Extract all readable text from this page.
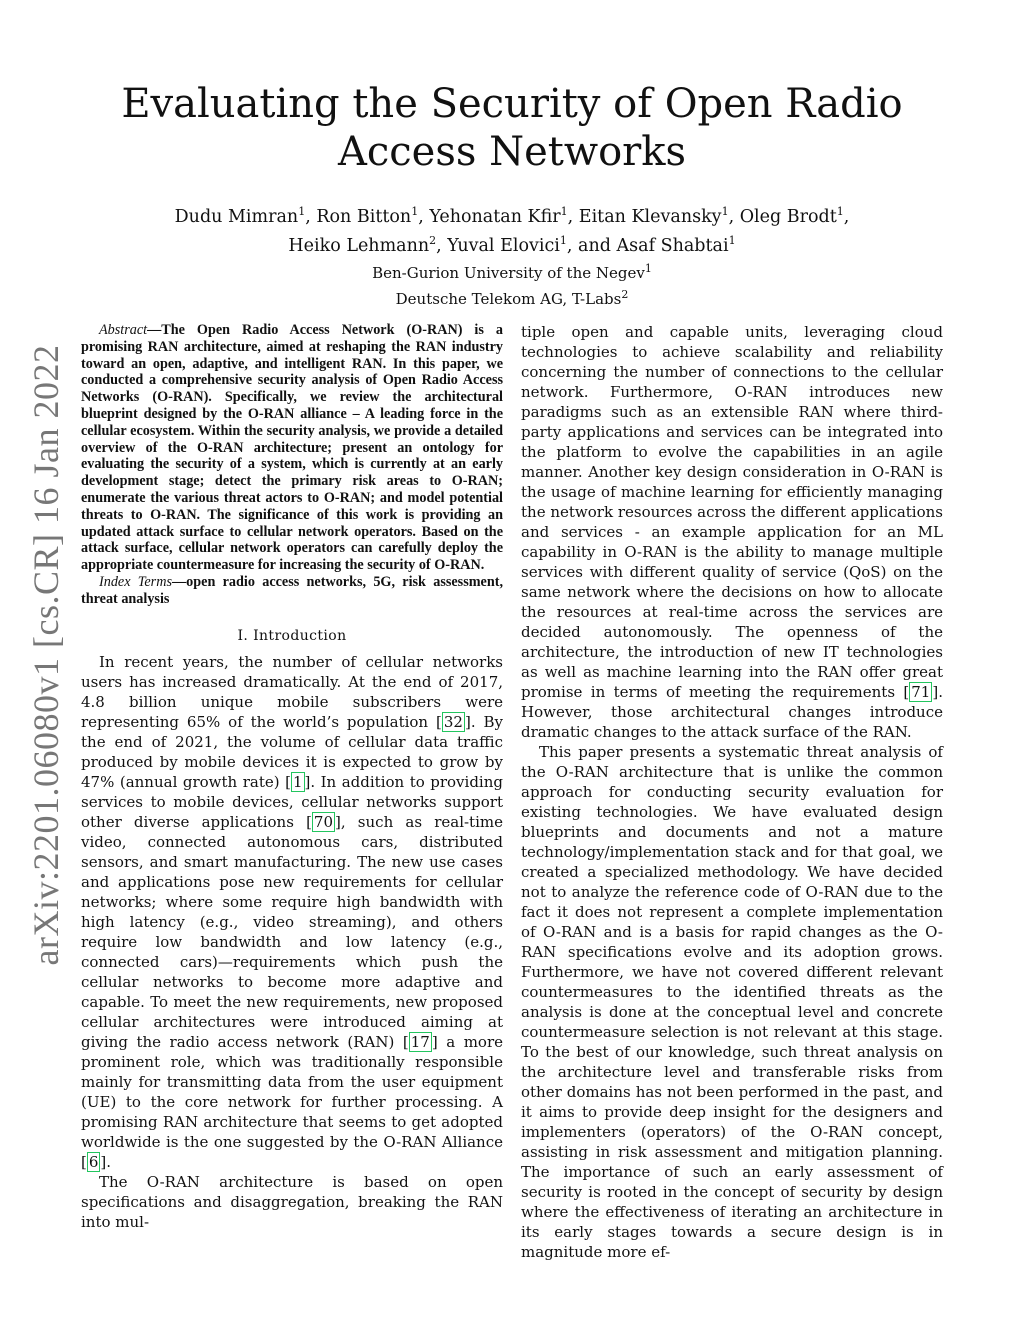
arXiv:2201.06080v1 [cs.CR] 16 Jan 2022
Evaluating the Security of Open Radio Access Networks
Dudu Mimran$^1$, Ron Bitton$^1$, Yehonatan Kfir$^1$, Eitan Klevansky$^1$, Oleg Brodt$^1$,
Heiko Lehmann$^2$, Yuval Elovici$^1$, and Asaf Shabtai$^1$
Ben-Gurion University of the Negev$^1$
Deutsche Telekom AG, T-Labs$^2$

Abstract—The Open Radio Access Network (O-RAN) is a promising RAN architecture, aimed at reshaping the RAN industry toward an open, adaptive, and intelligent RAN. In this paper, we conducted a comprehensive security analysis of Open Radio Access Networks (O-RAN). Specifically, we review the architectural blueprint designed by the O-RAN alliance – A leading force in the cellular ecosystem. Within the security analysis, we provide a detailed overview of the O-RAN architecture; present an ontology for evaluating the security of a system, which is currently at an early development stage; detect the primary risk areas to O-RAN; enumerate the various threat actors to O-RAN; and model potential threats to O-RAN. The significance of this work is providing an updated attack surface to cellular network operators. Based on the attack surface, cellular network operators can carefully deploy the appropriate countermeasure for increasing the security of O-RAN.

Index Terms—open radio access networks, 5G, risk assessment, threat analysis

I. Introduction

In recent years, the number of cellular networks users has increased dramatically. At the end of 2017, 4.8 billion unique mobile subscribers were representing 65% of the world’s population [ 32 ]. By the end of 2021, the volume of cellular data traffic produced by mobile devices it is expected to grow by 47% (annual growth rate) [ 1 ]. In addition to providing services to mobile devices, cellular networks support other diverse applications [ 70 ], such as real-time video, connected autonomous cars, distributed sensors, and smart manufacturing. The new use cases and applications pose new requirements for cellular networks; where some require high bandwidth with high latency (e.g., video streaming), and others require low bandwidth and low latency (e.g., connected cars)—requirements which push the cellular networks to become more adaptive and capable. To meet the new requirements, new proposed cellular architectures were introduced aiming at giving the radio access network (RAN) [ 17 ] a more prominent role, which was traditionally responsible mainly for transmitting data from the user equipment (UE) to the core network for further processing. A promising RAN architecture that seems to get adopted worldwide is the one suggested by the O-RAN Alliance [ 6 ].

The O-RAN architecture is based on open specifications and disaggregation, breaking the RAN into mul-

tiple open and capable units, leveraging cloud technologies to achieve scalability and reliability concerning the number of connections to the cellular network. Furthermore, O-RAN introduces new paradigms such as an extensible RAN where third-party applications and services can be integrated into the platform to evolve the capabilities in an agile manner. Another key design consideration in O-RAN is the usage of machine learning for efficiently managing the network resources across the different applications and services - an example application for an ML capability in O-RAN is the ability to manage multiple services with different quality of service (QoS) on the same network where the decisions on how to allocate the resources at real-time across the services are decided autonomously. The openness of the architecture, the introduction of new IT technologies as well as machine learning into the RAN offer great promise in terms of meeting the requirements [ 71 ]. However, those architectural changes introduce dramatic changes to the attack surface of the RAN.

This paper presents a systematic threat analysis of the O-RAN architecture that is unlike the common approach for conducting security evaluation for existing technologies. We have evaluated design blueprints and documents and not a mature technology/implementation stack and for that goal, we created a specialized methodology. We have decided not to analyze the reference code of O-RAN due to the fact it does not represent a complete implementation of O-RAN and is a basis for rapid changes as the O-RAN specifications evolve and its adoption grows. Furthermore, we have not covered different relevant countermeasures to the identified threats as the analysis is done at the conceptual level and concrete countermeasure selection is not relevant at this stage. To the best of our knowledge, such threat analysis on the architecture level and transferable risks from other domains has not been performed in the past, and it aims to provide deep insight for the designers and implementers (operators) of the O-RAN concept, assisting in risk assessment and mitigation planning. The importance of such an early assessment of security is rooted in the concept of security by design where the effectiveness of iterating an architecture in its early stages towards a secure design is in magnitude more ef-
